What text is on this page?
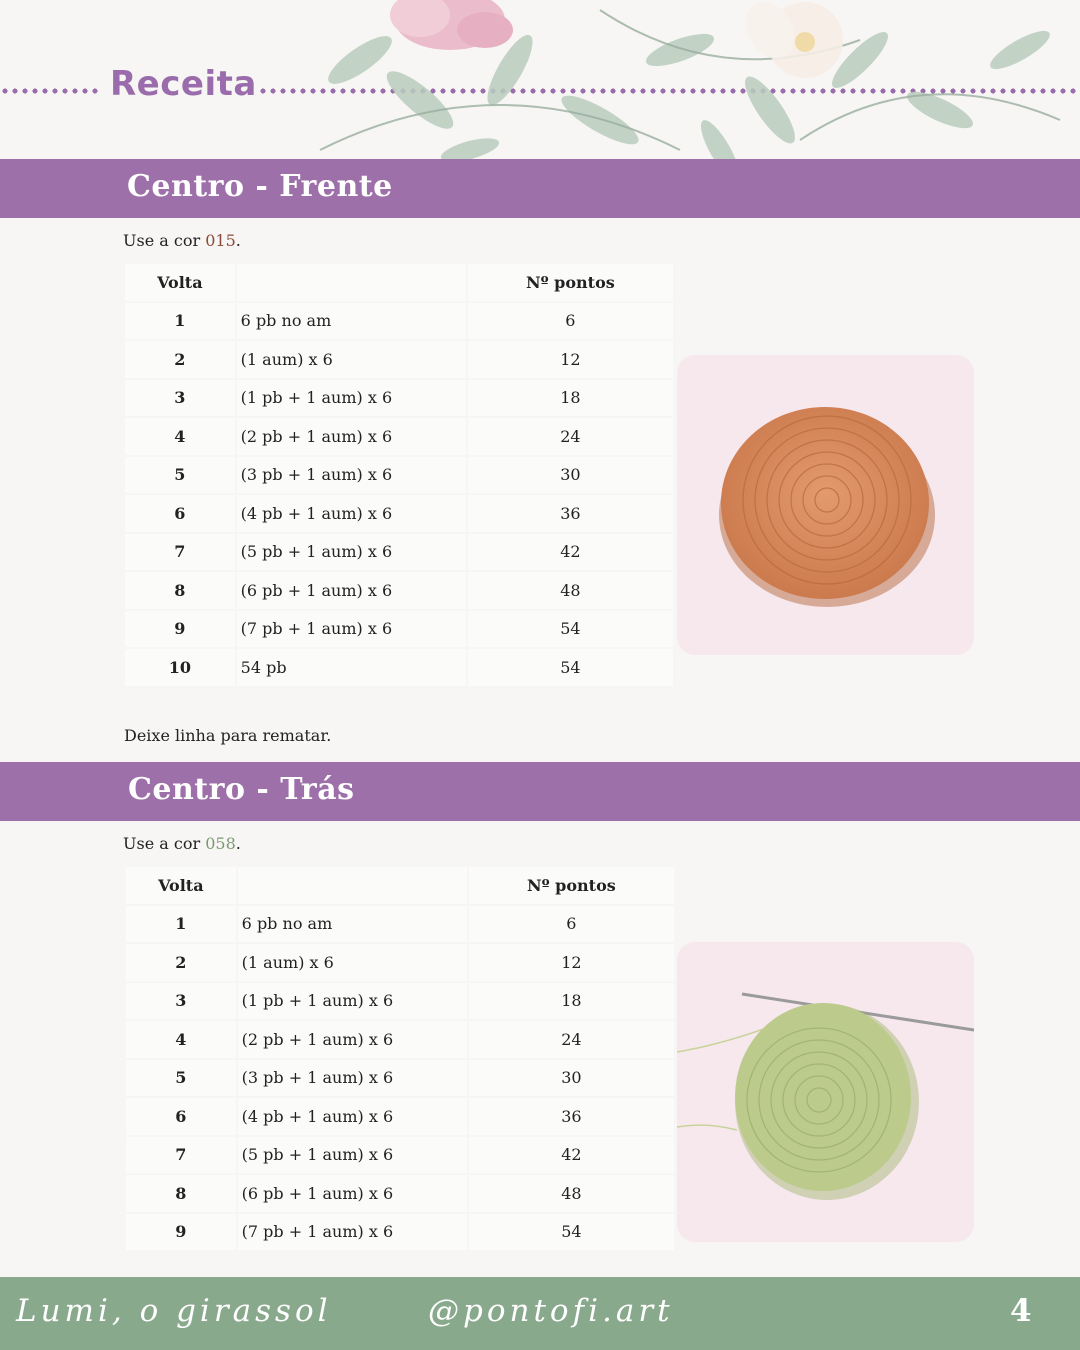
Receita
Centro - Frente
Use a cor 015.
Volta		Nº pontos
1	6 pb no am	6
2	(1 aum) x 6	12
3	(1 pb + 1 aum) x 6	18
4	(2 pb + 1 aum) x 6	24
5	(3 pb + 1 aum) x 6	30
6	(4 pb + 1 aum) x 6	36
7	(5 pb + 1 aum) x 6	42
8	(6 pb + 1 aum) x 6	48
9	(7 pb + 1 aum) x 6	54
10	54 pb	54
Deixe linha para rematar.
Centro - Trás
Use a cor 058.
Volta		Nº pontos
1	6 pb no am	6
2	(1 aum) x 6	12
3	(1 pb + 1 aum) x 6	18
4	(2 pb + 1 aum) x 6	24
5	(3 pb + 1 aum) x 6	30
6	(4 pb + 1 aum) x 6	36
7	(5 pb + 1 aum) x 6	42
8	(6 pb + 1 aum) x 6	48
9	(7 pb + 1 aum) x 6	54
Lumi, o girassol	@pontofi.art	4
